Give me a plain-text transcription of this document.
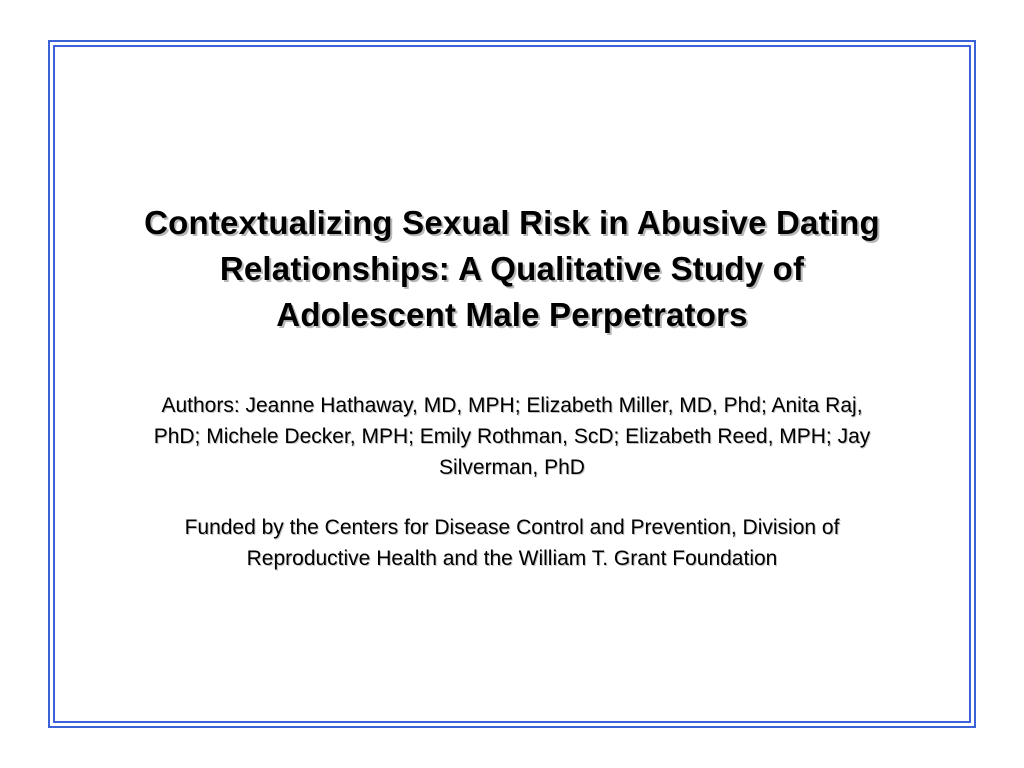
Contextualizing Sexual Risk in Abusive Dating
Relationships: A Qualitative Study of
Adolescent Male Perpetrators

Authors: Jeanne Hathaway, MD, MPH; Elizabeth Miller, MD, Phd; Anita Raj,
PhD; Michele Decker, MPH; Emily Rothman, ScD; Elizabeth Reed, MPH; Jay
Silverman, PhD

Funded by the Centers for Disease Control and Prevention, Division of
Reproductive Health and the William T. Grant Foundation
